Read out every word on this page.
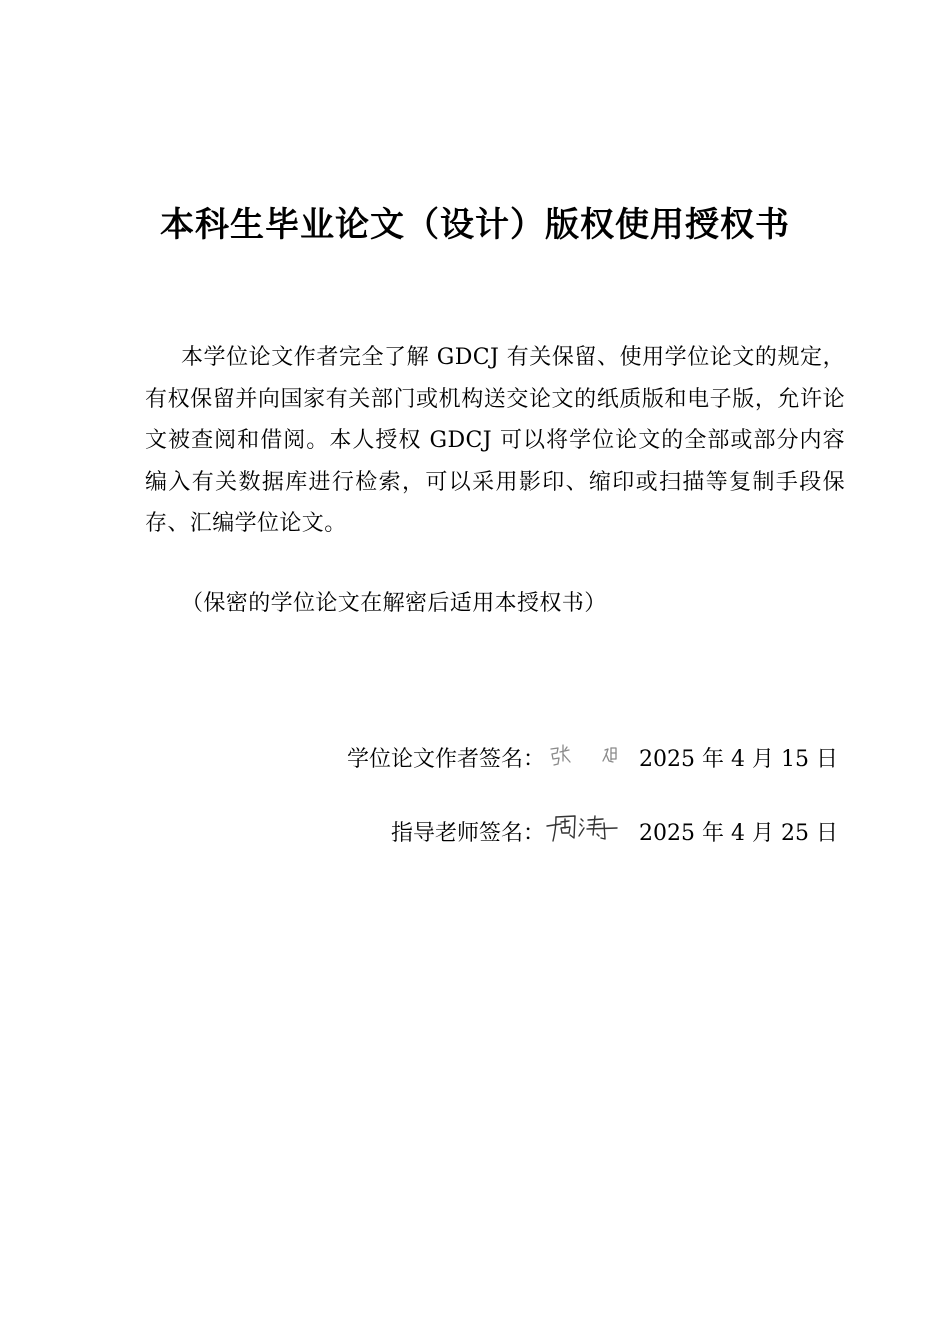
本科生毕业论文（设计）版权使用授权书
本学位论文作者完全了解 GDCJ 有关保留、使用学位论文的规定，有权保留并向国家有关部门或机构送交论文的纸质版和电子版，允许论文被查阅和借阅。本人授权 GDCJ 可以将学位论文的全部或部分内容编入有关数据库进行检索，可以采用影印、缩印或扫描等复制手段保存、汇编学位论文。
（保密的学位论文在解密后适用本授权书）
学位论文作者签名：	2025 年 4 月 15 日
指导老师签名：	2025 年 4 月 25 日
